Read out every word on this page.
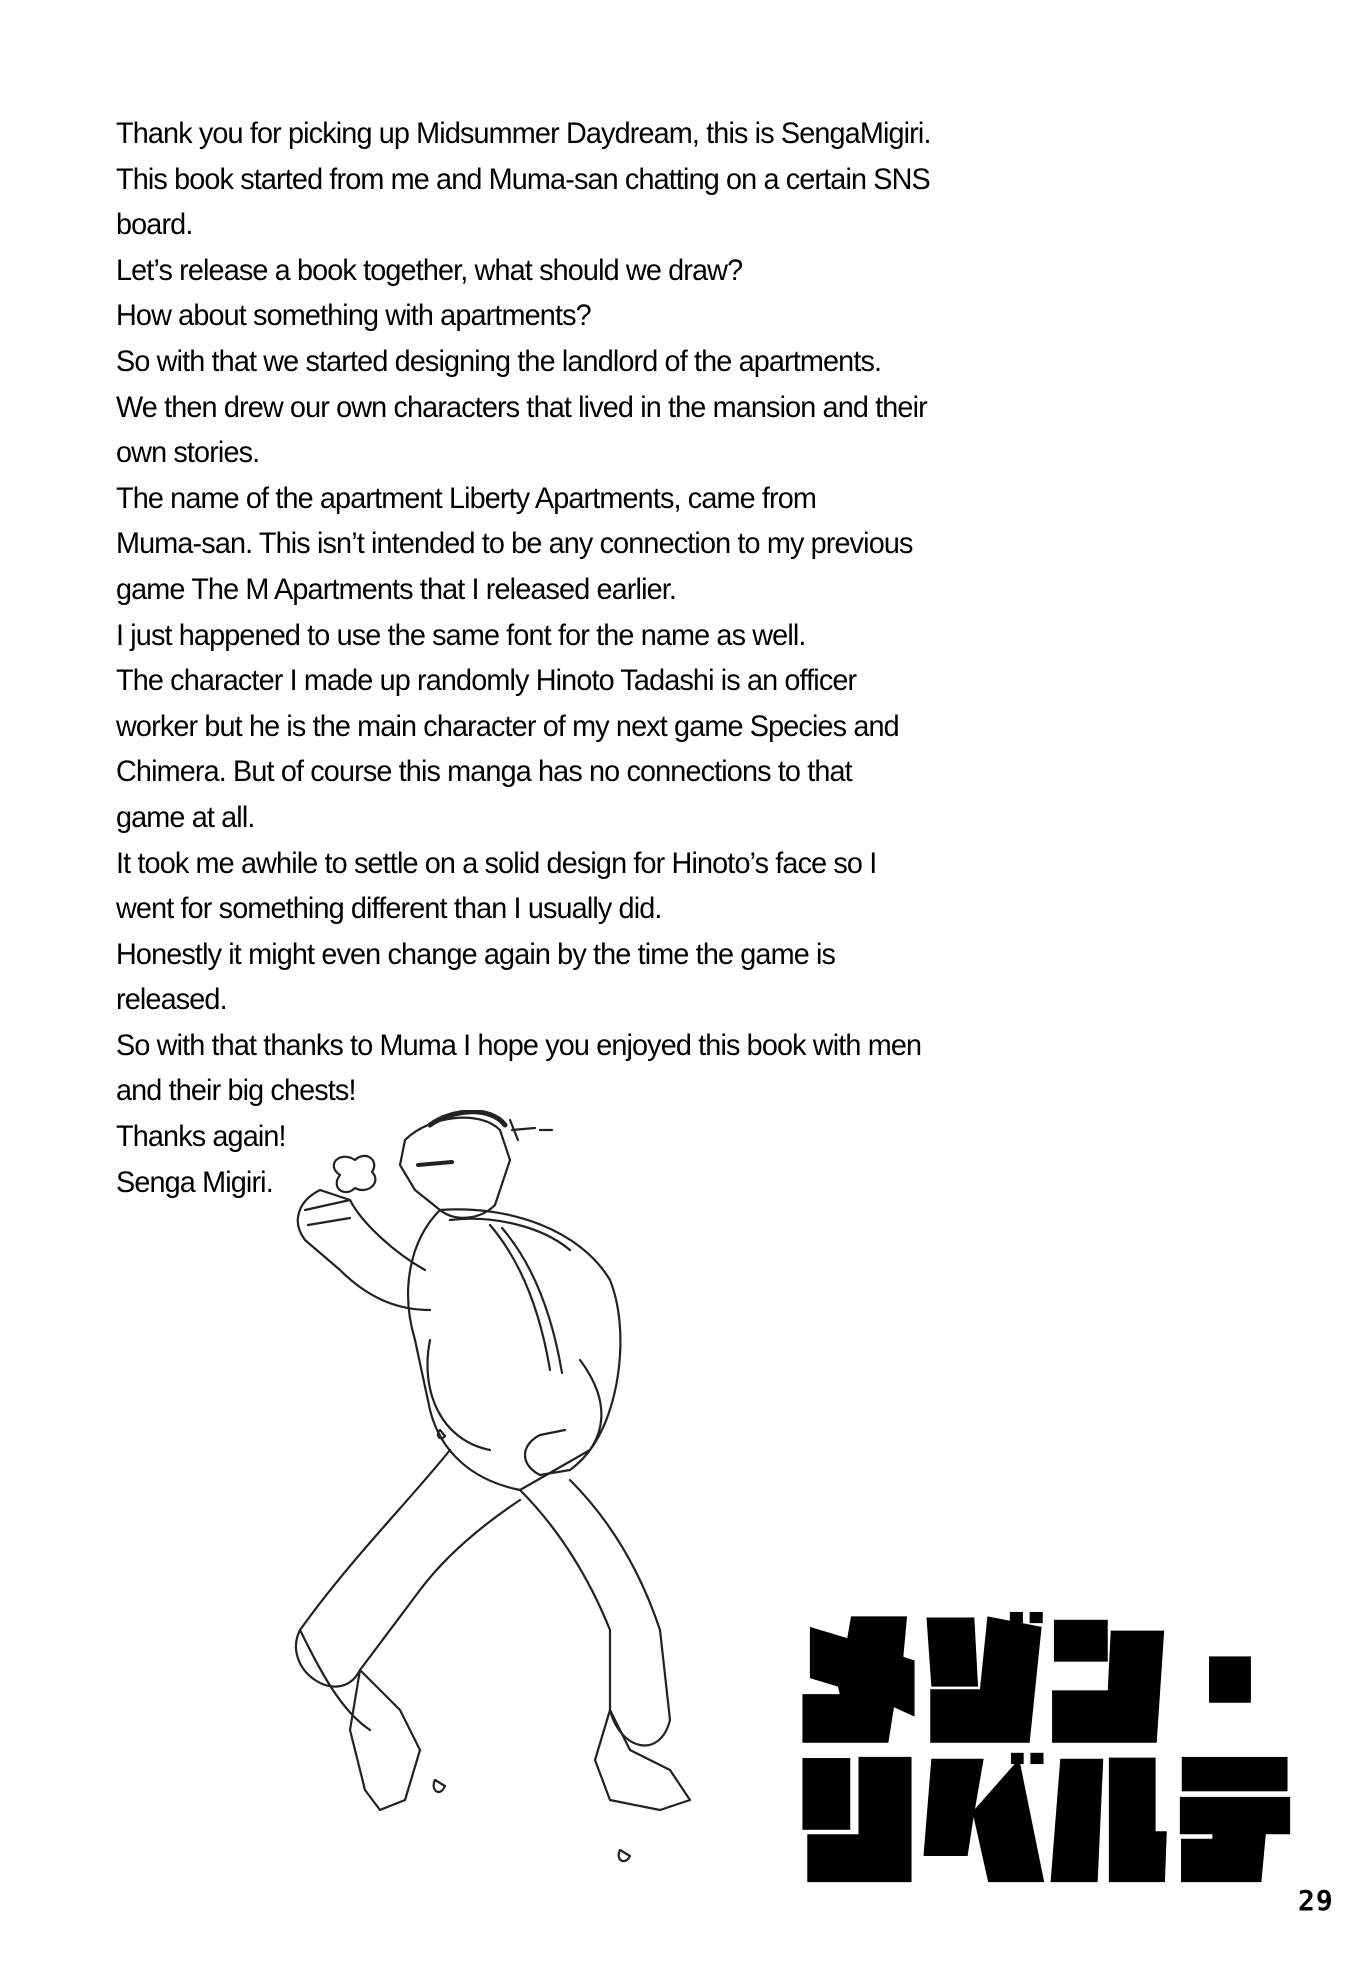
Thank you for picking up Midsummer Daydream, this is SengaMigiri.
This book started from me and Muma-san chatting on a certain SNS
board.
Let’s release a book together, what should we draw?
How about something with apartments?
So with that we started designing the landlord of the apartments.
We then drew our own characters that lived in the mansion and their
own stories.
The name of the apartment Liberty Apartments, came from
Muma-san. This isn’t intended to be any connection to my previous
game The M Apartments that I released earlier.
I just happened to use the same font for the name as well.
The character I made up randomly Hinoto Tadashi is an officer
worker but he is the main character of my next game Species and
Chimera. But of course this manga has no connections to that
game at all.
It took me awhile to settle on a solid design for Hinoto’s face so I
went for something different than I usually did.
Honestly it might even change again by the time the game is
released.
So with that thanks to Muma I hope you enjoyed this book with men
and their big chests!
Thanks again!
Senga Migiri.
29
